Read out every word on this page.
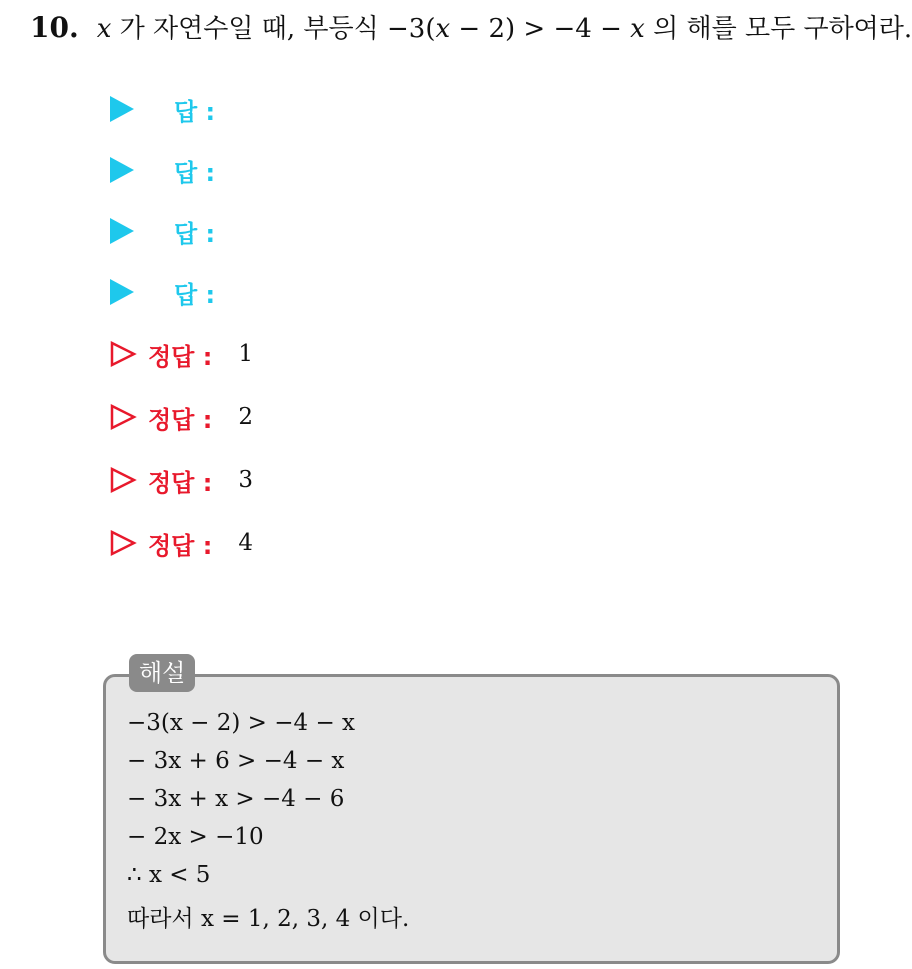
10. x 가 자연수일 때, 부등식 −3(x − 2) > −4 − x 의 해를 모두 구하여라.
답 :
답 :
답 :
답 :
정답 : 1
정답 : 2
정답 : 3
정답 : 4
해설
−3(x − 2) > −4 − x
− 3x + 6 > −4 − x
− 3x + x > −4 − 6
− 2x > −10
∴ x < 5
따라서 x = 1, 2, 3, 4 이다.
